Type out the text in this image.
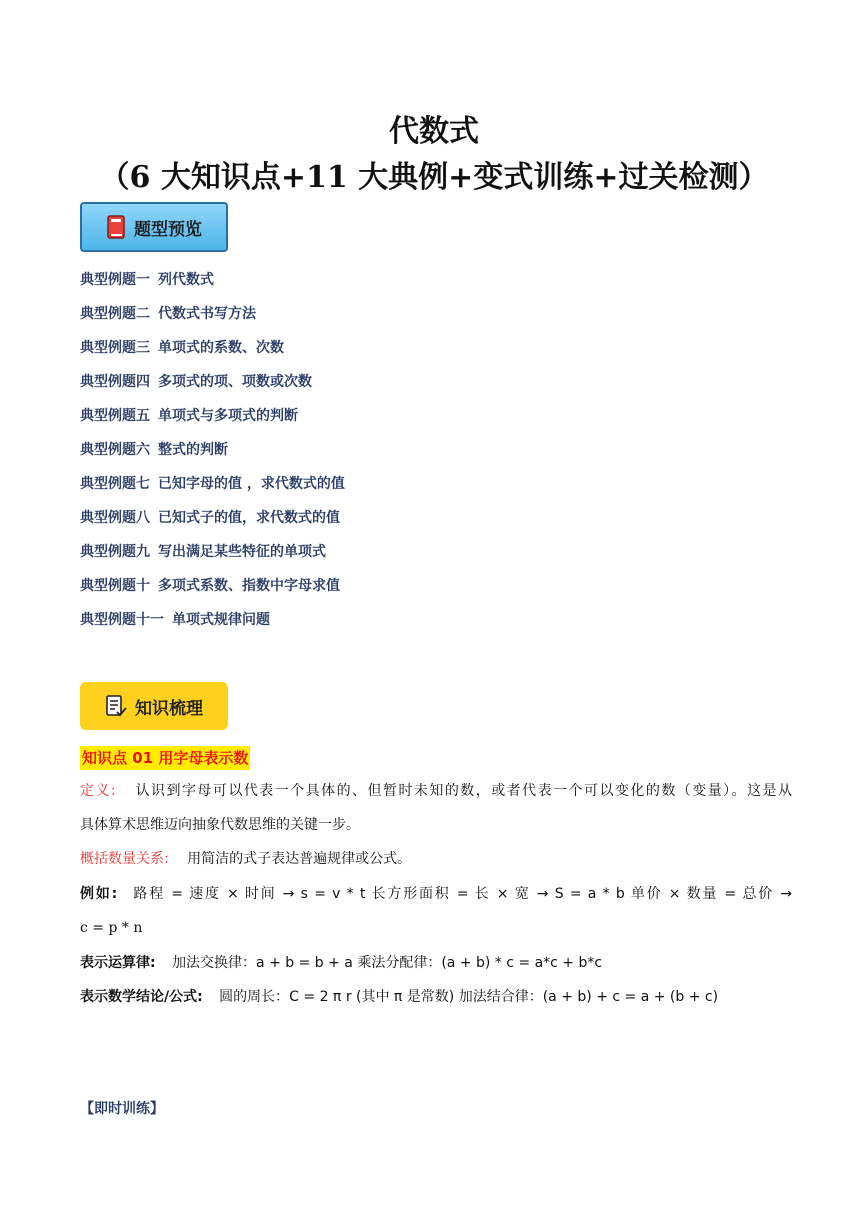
代数式
（6 大知识点+11 大典例+变式训练+过关检测）
题型预览
典型例题一 列代数式
典型例题二 代数式书写方法
典型例题三 单项式的系数、次数
典型例题四 多项式的项、项数或次数
典型例题五 单项式与多项式的判断
典型例题六 整式的判断
典型例题七 已知字母的值 ，求代数式的值
典型例题八 已知式子的值，求代数式的值
典型例题九 写出满足某些特征的单项式
典型例题十 多项式系数、指数中字母求值
典型例题十一 单项式规律问题
知识梳理
知识点 01 用字母表示数
定义: 认识到字母可以代表一个具体的、但暂时未知的数，或者代表一个可以变化的数（变量）。这是从
具体算术思维迈向抽象代数思维的关键一步。
概括数量关系: 用简洁的式子表达普遍规律或公式。
例如: 路程 = 速度 × 时间 → s = v * t 长方形面积 = 长 × 宽 → S = a * b 单价 × 数量 = 总价 →
c = p * n
表示运算律: 加法交换律：a + b = b + a 乘法分配律：(a + b) * c = a*c + b*c
表示数学结论/公式: 圆的周长：C = 2 π r (其中 π 是常数) 加法结合律：(a + b) + c = a + (b + c)
【即时训练】
